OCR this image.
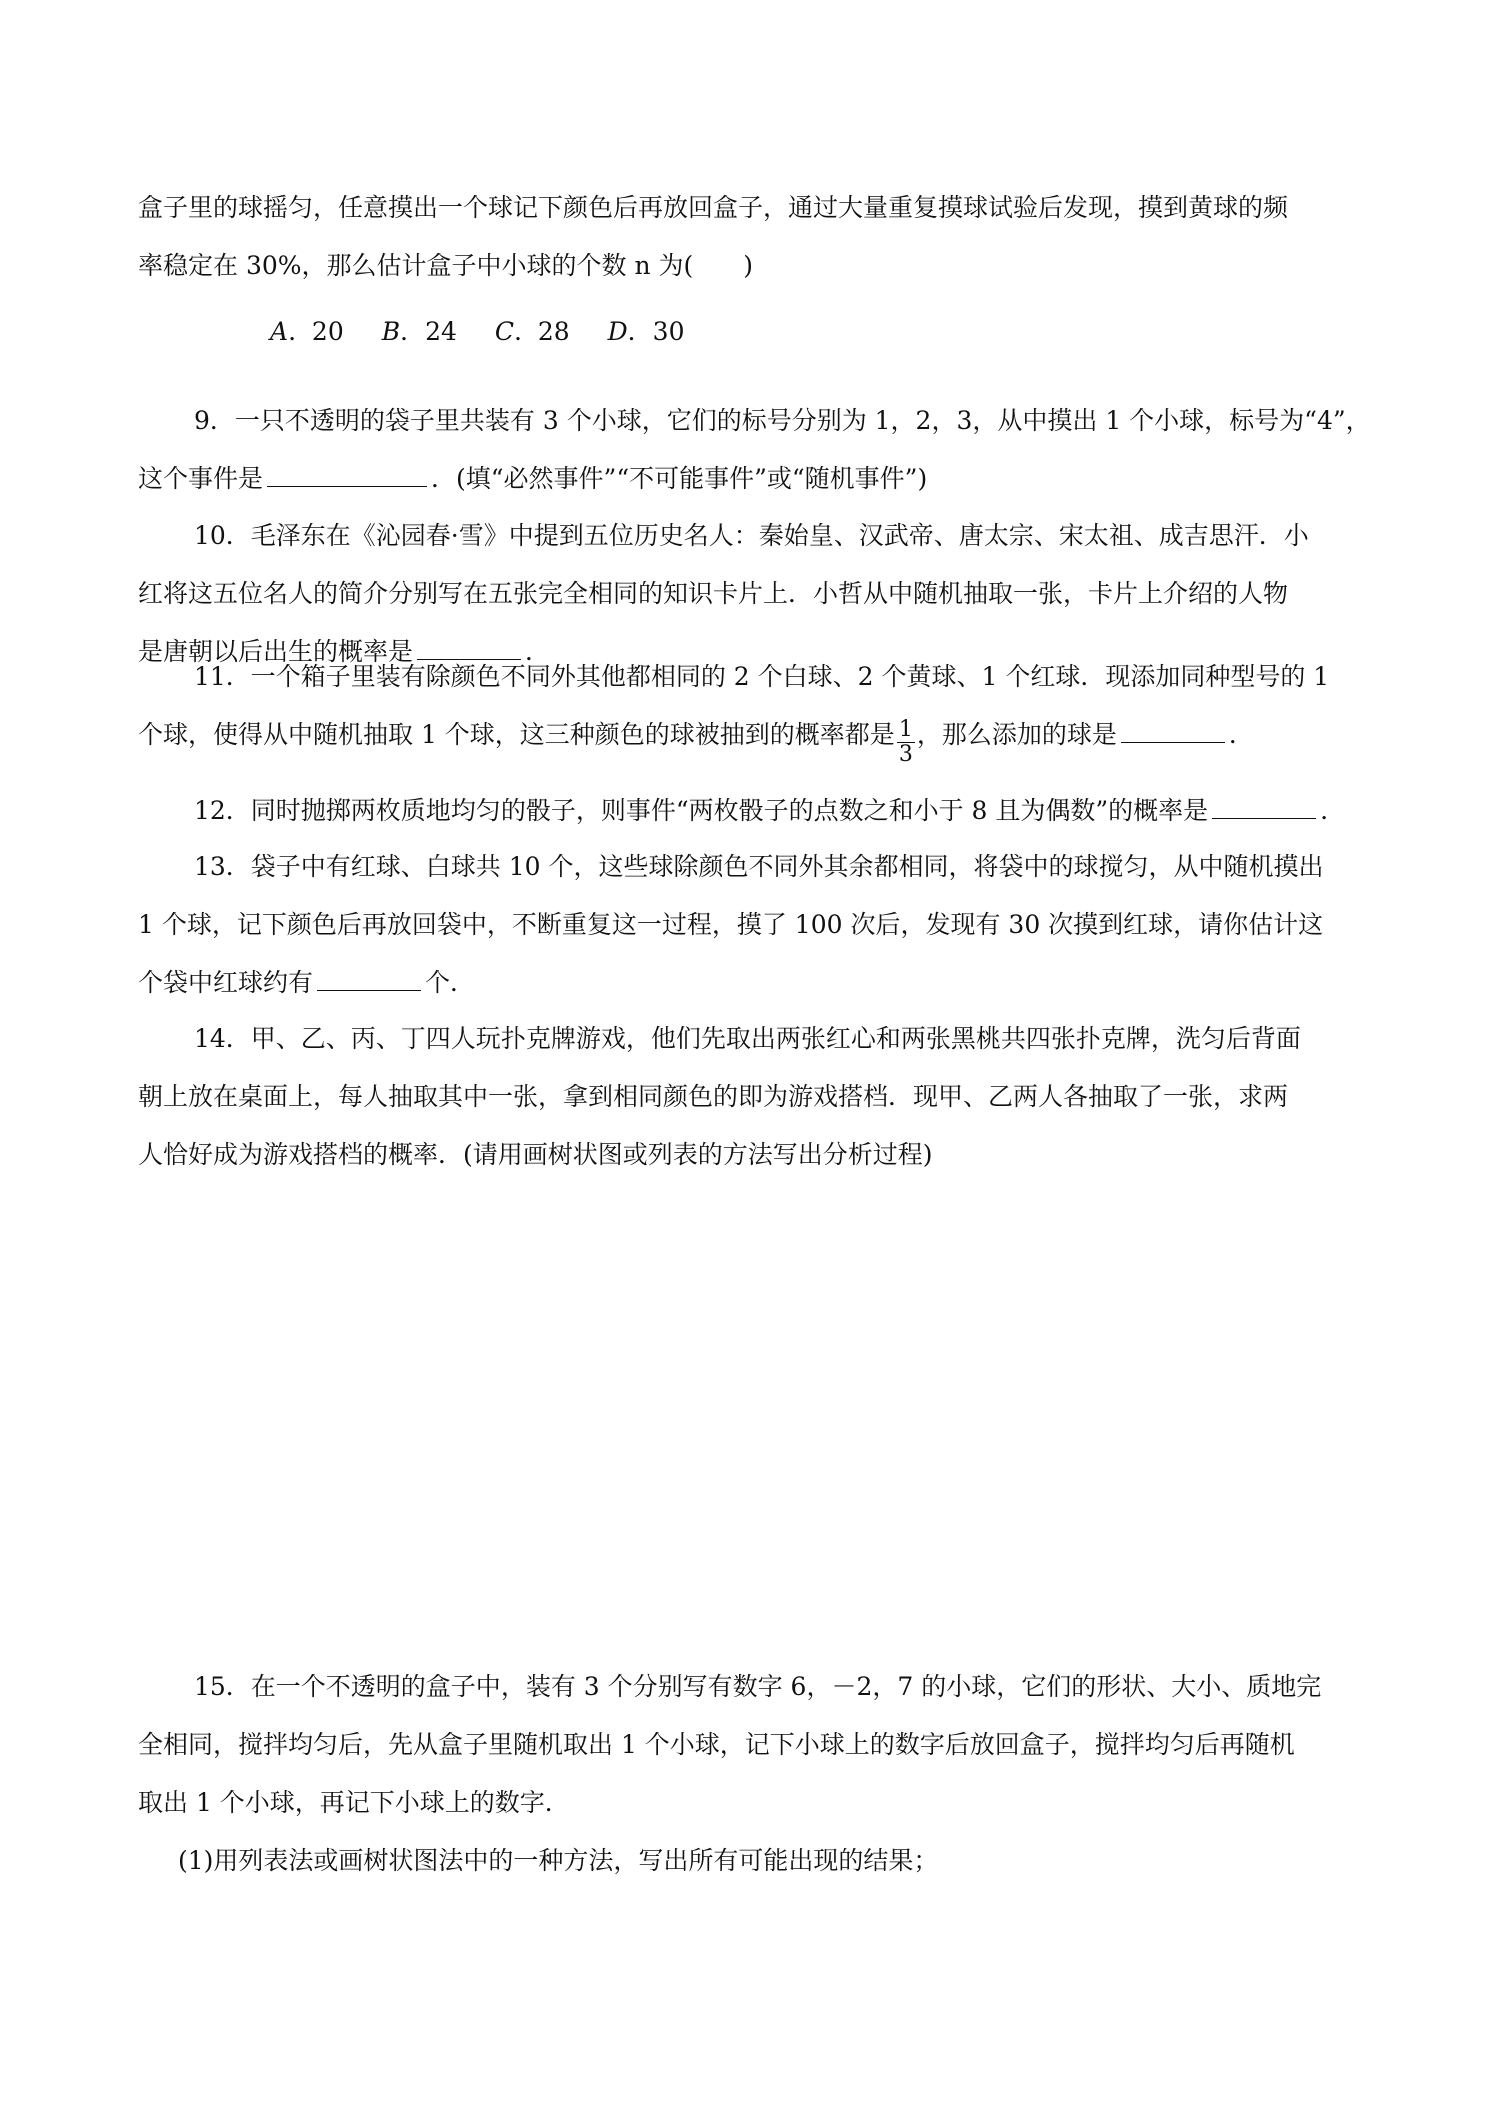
盒子里的球摇匀，任意摸出一个球记下颜色后再放回盒子，通过大量重复摸球试验后发现，摸到黄球的频
率稳定在 30%，那么估计盒子中小球的个数 n 为(　　)
A. 20 B．24 C. 28 D．30
9．一只不透明的袋子里共装有 3 个小球，它们的标号分别为 1，2，3，从中摸出 1 个小球，标号为“4”，
这个事件是	．(填“必然事件”“不可能事件”或“随机事件”)
10．毛泽东在《沁园春·雪》中提到五位历史名人：秦始皇、汉武帝、唐太宗、宋太祖、成吉思汗．小
红将这五位名人的简介分别写在五张完全相同的知识卡片上．小哲从中随机抽取一张，卡片上介绍的人物
是唐朝以后出生的概率是	．
11．一个箱子里装有除颜色不同外其他都相同的 2 个白球、2 个黄球、1 个红球．现添加同种型号的 1
个球，使得从中随机抽取 1 个球，这三种颜色的球被抽到的概率都是 $\frac{1}{3}$ ，那么添加的球是	．
12．同时抛掷两枚质地均匀的骰子，则事件“两枚骰子的点数之和小于 8 且为偶数”的概率是	．
13．袋子中有红球、白球共 10 个，这些球除颜色不同外其余都相同，将袋中的球搅匀，从中随机摸出
1 个球，记下颜色后再放回袋中，不断重复这一过程，摸了 100 次后，发现有 30 次摸到红球，请你估计这
个袋中红球约有	个．
14．甲、乙、丙、丁四人玩扑克牌游戏，他们先取出两张红心和两张黑桃共四张扑克牌，洗匀后背面
朝上放在桌面上，每人抽取其中一张，拿到相同颜色的即为游戏搭档．现甲、乙两人各抽取了一张，求两
人恰好成为游戏搭档的概率．(请用画树状图或列表的方法写出分析过程)
15．在一个不透明的盒子中，装有 3 个分别写有数字 6，－2，7 的小球，它们的形状、大小、质地完
全相同，搅拌均匀后，先从盒子里随机取出 1 个小球，记下小球上的数字后放回盒子，搅拌均匀后再随机
取出 1 个小球，再记下小球上的数字．
(1)用列表法或画树状图法中的一种方法，写出所有可能出现的结果；
